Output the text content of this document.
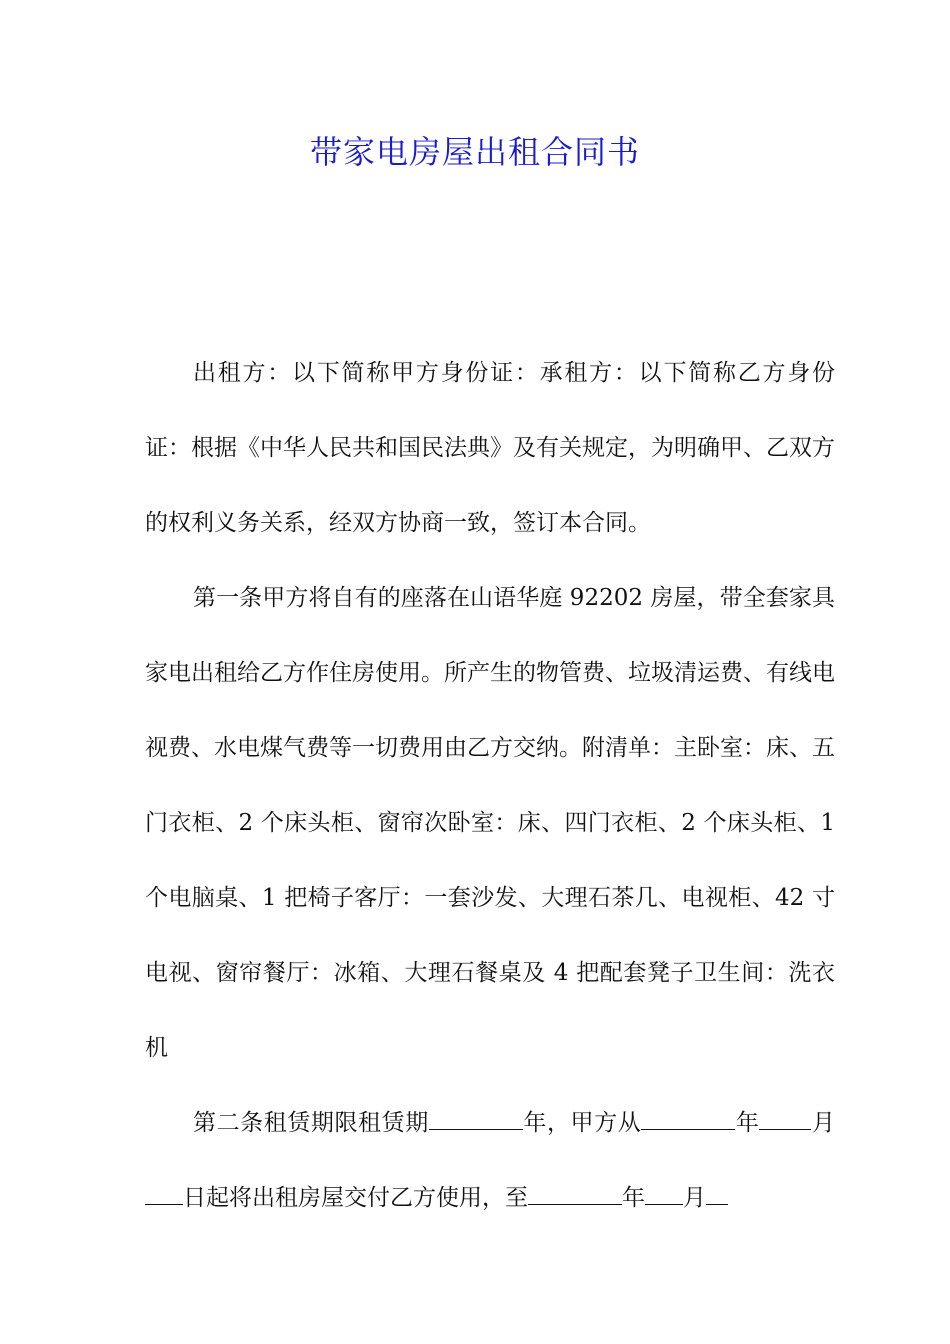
带家电房屋出租合同书

出租方：以下简称甲方身份证：承租方：以下简称乙方身份证：根据《中华人民共和国民法典》及有关规定，为明确甲、乙双方的权利义务关系，经双方协商一致，签订本合同。

第一条甲方将自有的座落在山语华庭 92202 房屋，带全套家具家电出租给乙方作住房使用。所产生的物管费、垃圾清运费、有线电视费、水电煤气费等一切费用由乙方交纳。附清单：主卧室：床、五门衣柜、2 个床头柜、窗帘次卧室：床、四门衣柜、2 个床头柜、1 个电脑桌、1 把椅子客厅：一套沙发、大理石茶几、电视柜、42 寸电视、窗帘餐厅：冰箱、大理石餐桌及 4 把配套凳子卫生间：洗衣机

第二条租赁期限租赁期	年，甲方从	年 月日起将出租房屋交付乙方使用，至	年 月
